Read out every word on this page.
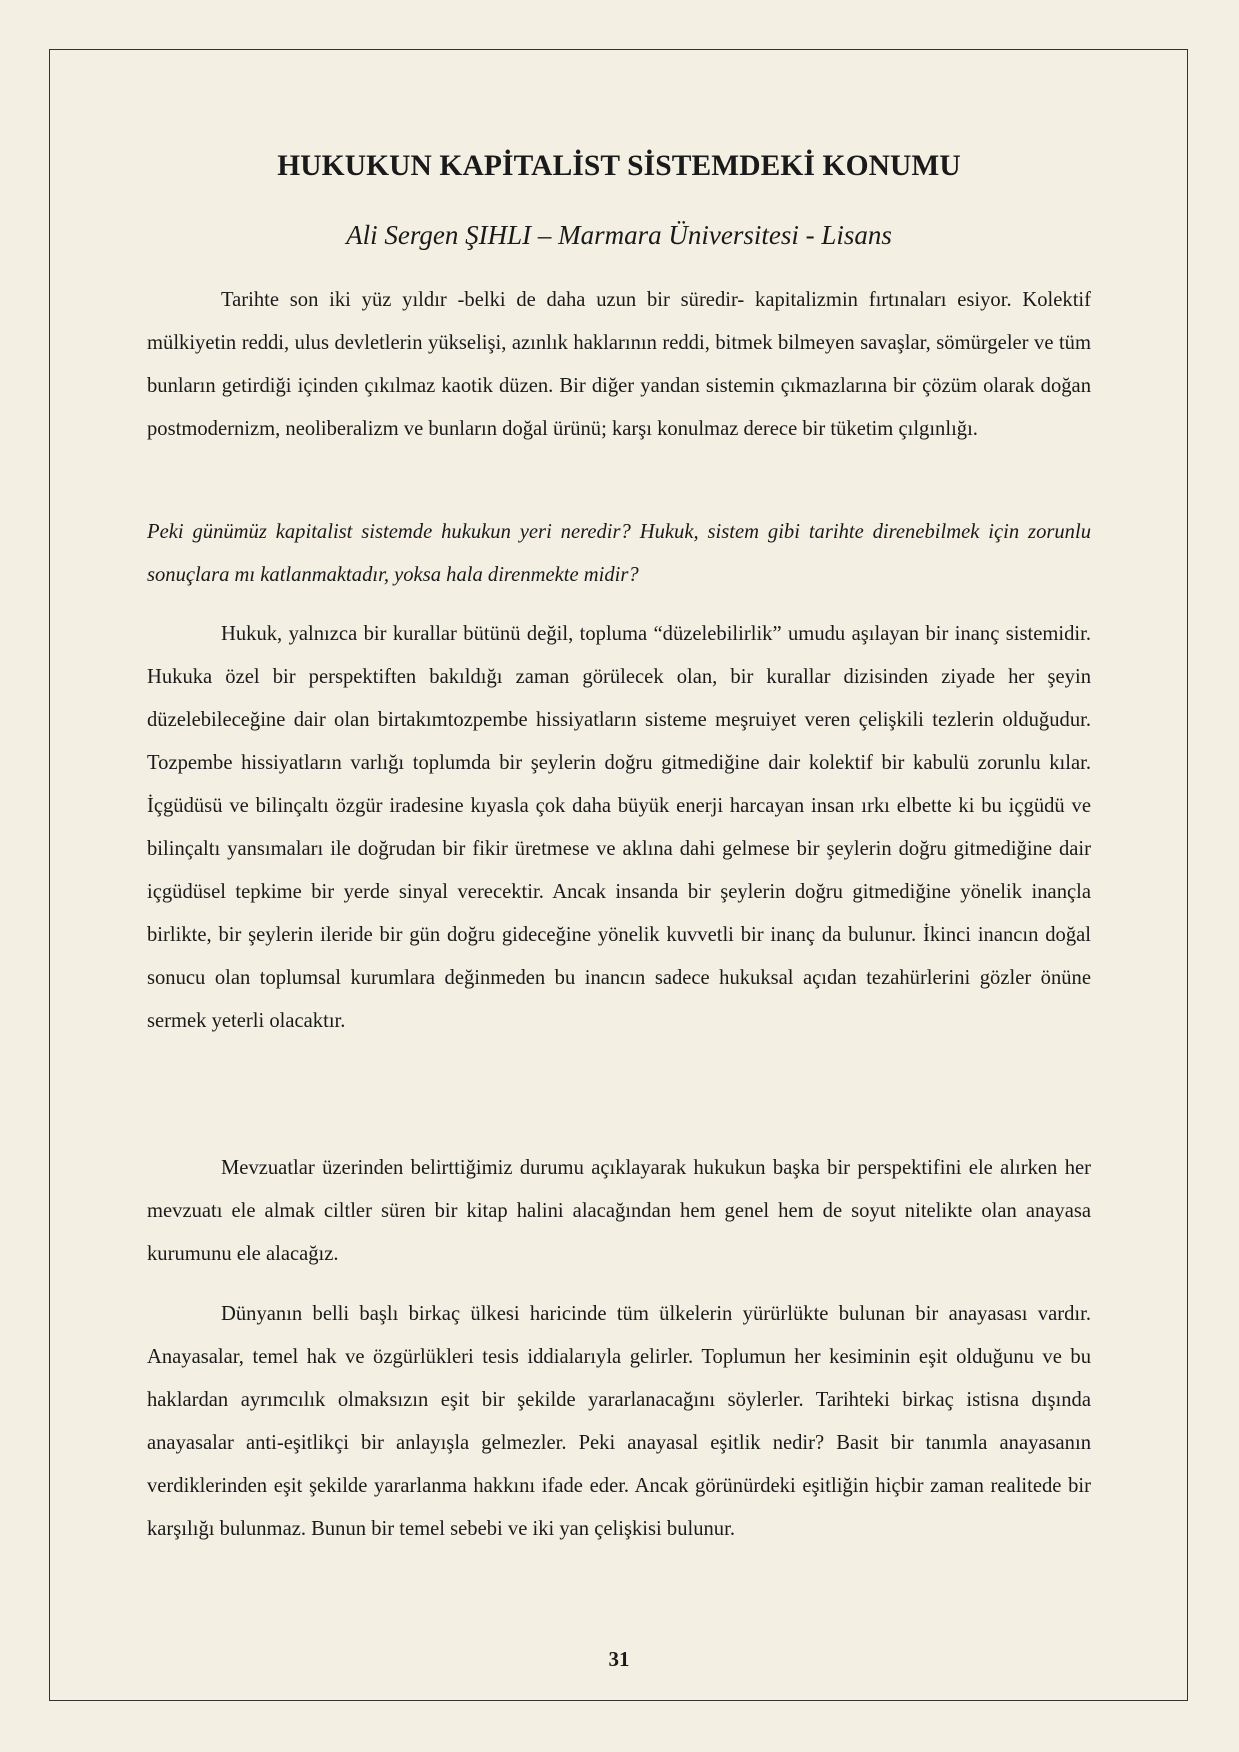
HUKUKUN KAPİTALİST SİSTEMDEKİ KONUMU

Ali Sergen ŞIHLI – Marmara Üniversitesi - Lisans

Tarihte son iki yüz yıldır -belki de daha uzun bir süredir- kapitalizmin fırtınaları esiyor. Kolektif mülkiyetin reddi, ulus devletlerin yükselişi, azınlık haklarının reddi, bitmek bilmeyen savaşlar, sömürgeler ve tüm bunların getirdiği içinden çıkılmaz kaotik düzen. Bir diğer yandan sistemin çıkmazlarına bir çözüm olarak doğan postmodernizm, neoliberalizm ve bunların doğal ürünü; karşı konulmaz derece bir tüketim çılgınlığı.

Peki günümüz kapitalist sistemde hukukun yeri neredir? Hukuk, sistem gibi tarihte direnebilmek için zorunlu sonuçlara mı katlanmaktadır, yoksa hala direnmekte midir?

Hukuk, yalnızca bir kurallar bütünü değil, topluma “düzelebilirlik” umudu aşılayan bir inanç sistemidir. Hukuka özel bir perspektiften bakıldığı zaman görülecek olan, bir kurallar dizisinden ziyade her şeyin düzelebileceğine dair olan birtakımtozpembe hissiyatların sisteme meşruiyet veren çelişkili tezlerin olduğudur. Tozpembe hissiyatların varlığı toplumda bir şeylerin doğru gitmediğine dair kolektif bir kabulü zorunlu kılar. İçgüdüsü ve bilinçaltı özgür iradesine kıyasla çok daha büyük enerji harcayan insan ırkı elbette ki bu içgüdü ve bilinçaltı yansımaları ile doğrudan bir fikir üretmese ve aklına dahi gelmese bir şeylerin doğru gitmediğine dair içgüdüsel tepkime bir yerde sinyal verecektir. Ancak insanda bir şeylerin doğru gitmediğine yönelik inançla birlikte, bir şeylerin ileride bir gün doğru gideceğine yönelik kuvvetli bir inanç da bulunur. İkinci inancın doğal sonucu olan toplumsal kurumlara değinmeden bu inancın sadece hukuksal açıdan tezahürlerini gözler önüne sermek yeterli olacaktır.

Mevzuatlar üzerinden belirttiğimiz durumu açıklayarak hukukun başka bir perspektifini ele alırken her mevzuatı ele almak ciltler süren bir kitap halini alacağından hem genel hem de soyut nitelikte olan anayasa kurumunu ele alacağız.

Dünyanın belli başlı birkaç ülkesi haricinde tüm ülkelerin yürürlükte bulunan bir anayasası vardır. Anayasalar, temel hak ve özgürlükleri tesis iddialarıyla gelirler. Toplumun her kesiminin eşit olduğunu ve bu haklardan ayrımcılık olmaksızın eşit bir şekilde yararlanacağını söylerler. Tarihteki birkaç istisna dışında anayasalar anti-eşitlikçi bir anlayışla gelmezler. Peki anayasal eşitlik nedir? Basit bir tanımla anayasanın verdiklerinden eşit şekilde yararlanma hakkını ifade eder. Ancak görünürdeki eşitliğin hiçbir zaman realitede bir karşılığı bulunmaz. Bunun bir temel sebebi ve iki yan çelişkisi bulunur.

31
